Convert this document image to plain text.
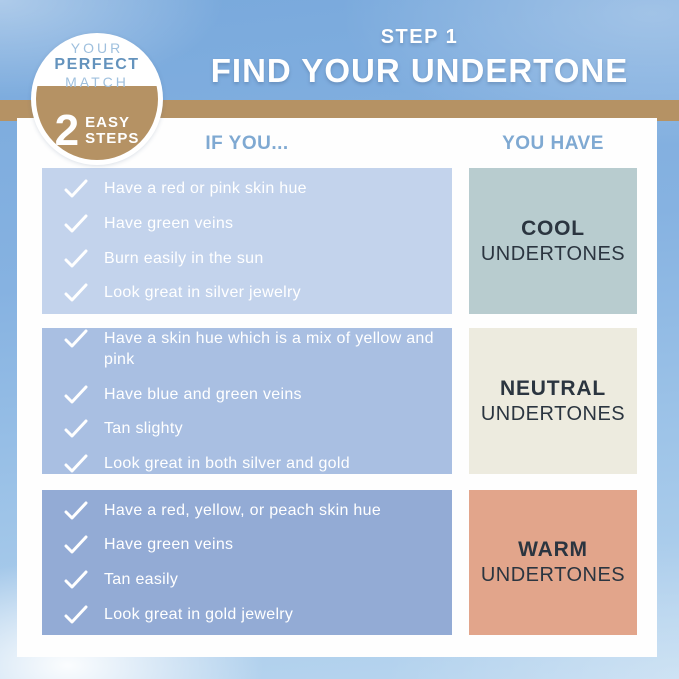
IF YOU...	YOU HAVE
Have a red or pink skin hue
Have green veins
Burn easily in the sun
Look great in silver jewelry
COOL
UNDERTONES
Have a skin hue which is a mix of yellow and pink
Have blue and green veins
Tan slighty
Look great in both silver and gold
NEUTRAL
UNDERTONES
Have a red, yellow, or peach skin hue
Have green veins
Tan easily
Look great in gold jewelry
WARM
UNDERTONES
STEP 1
FIND YOUR UNDERTONE
2 EASY
STEPS
YOUR
PERFECT
MATCH
